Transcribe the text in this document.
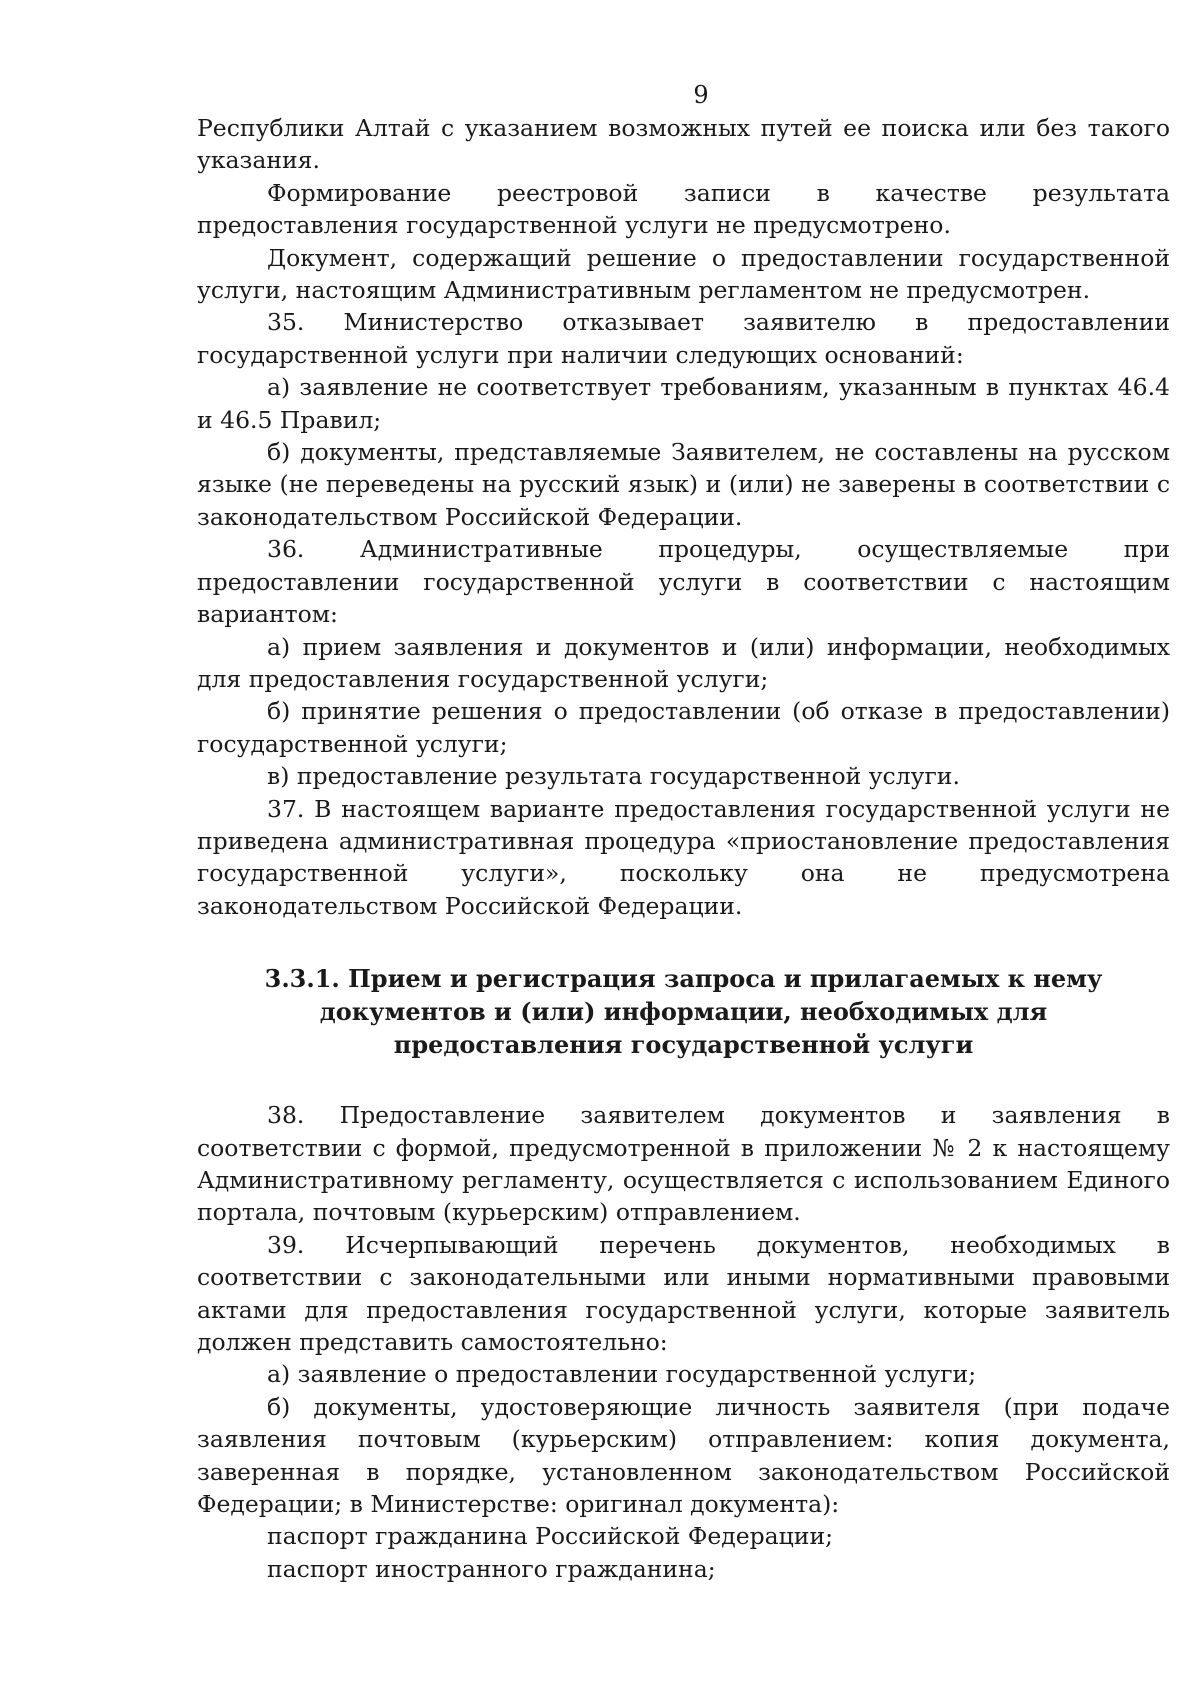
9

Республики Алтай с указанием возможных путей ее поиска или без такого указания.

Формирование реестровой записи в качестве результата предоставления государственной услуги не предусмотрено.

Документ, содержащий решение о предоставлении государственной услуги, настоящим Административным регламентом не предусмотрен.

35. Министерство отказывает заявителю в предоставлении государственной услуги при наличии следующих оснований:

а) заявление не соответствует требованиям, указанным в пунктах 46.4 и 46.5 Правил;

б) документы, представляемые Заявителем, не составлены на русском языке (не переведены на русский язык) и (или) не заверены в соответствии с законодательством Российской Федерации.

36. Административные процедуры, осуществляемые при предоставлении государственной услуги в соответствии с настоящим вариантом:

а) прием заявления и документов и (или) информации, необходимых для предоставления государственной услуги;

б) принятие решения о предоставлении (об отказе в предоставлении) государственной услуги;

в) предоставление результата государственной услуги.

37. В настоящем варианте предоставления государственной услуги не приведена административная процедура «приостановление предоставления государственной услуги», поскольку она не предусмотрена законодательством Российской Федерации.

3.3.1. Прием и регистрация запроса и прилагаемых к нему документов и (или) информации, необходимых для предоставления государственной услуги

38. Предоставление заявителем документов и заявления в соответствии с формой, предусмотренной в приложении № 2 к настоящему Административному регламенту, осуществляется с использованием Единого портала, почтовым (курьерским) отправлением.

39. Исчерпывающий перечень документов, необходимых в соответствии с законодательными или иными нормативными правовыми актами для предоставления государственной услуги, которые заявитель должен представить самостоятельно:

а) заявление о предоставлении государственной услуги;

б) документы, удостоверяющие личность заявителя (при подаче заявления почтовым (курьерским) отправлением: копия документа, заверенная в порядке, установленном законодательством Российской Федерации; в Министерстве: оригинал документа):

паспорт гражданина Российской Федерации;

паспорт иностранного гражданина;
